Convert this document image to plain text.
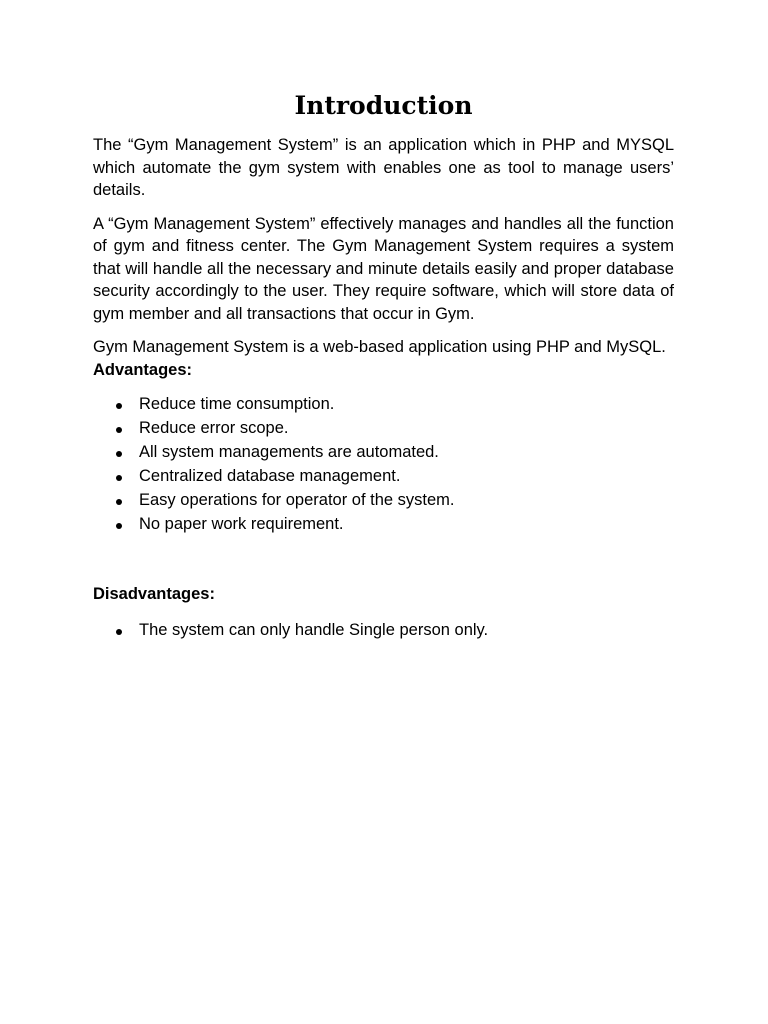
Introduction

The “Gym Management System” is an application which in PHP and MYSQL which automate the gym system with enables one as tool to manage users’ details.

A “Gym Management System” effectively manages and handles all the function of gym and fitness center. The Gym Management System requires a system that will handle all the necessary and minute details easily and proper database security accordingly to the user. They require software, which will store data of gym member and all transactions that occur in Gym.

Gym Management System is a web-based application using PHP and MySQL. Advantages:

Reduce time consumption.
Reduce error scope.
All system managements are automated.
Centralized database management.
Easy operations for operator of the system.
No paper work requirement.
Disadvantages:
The system can only handle Single person only.
